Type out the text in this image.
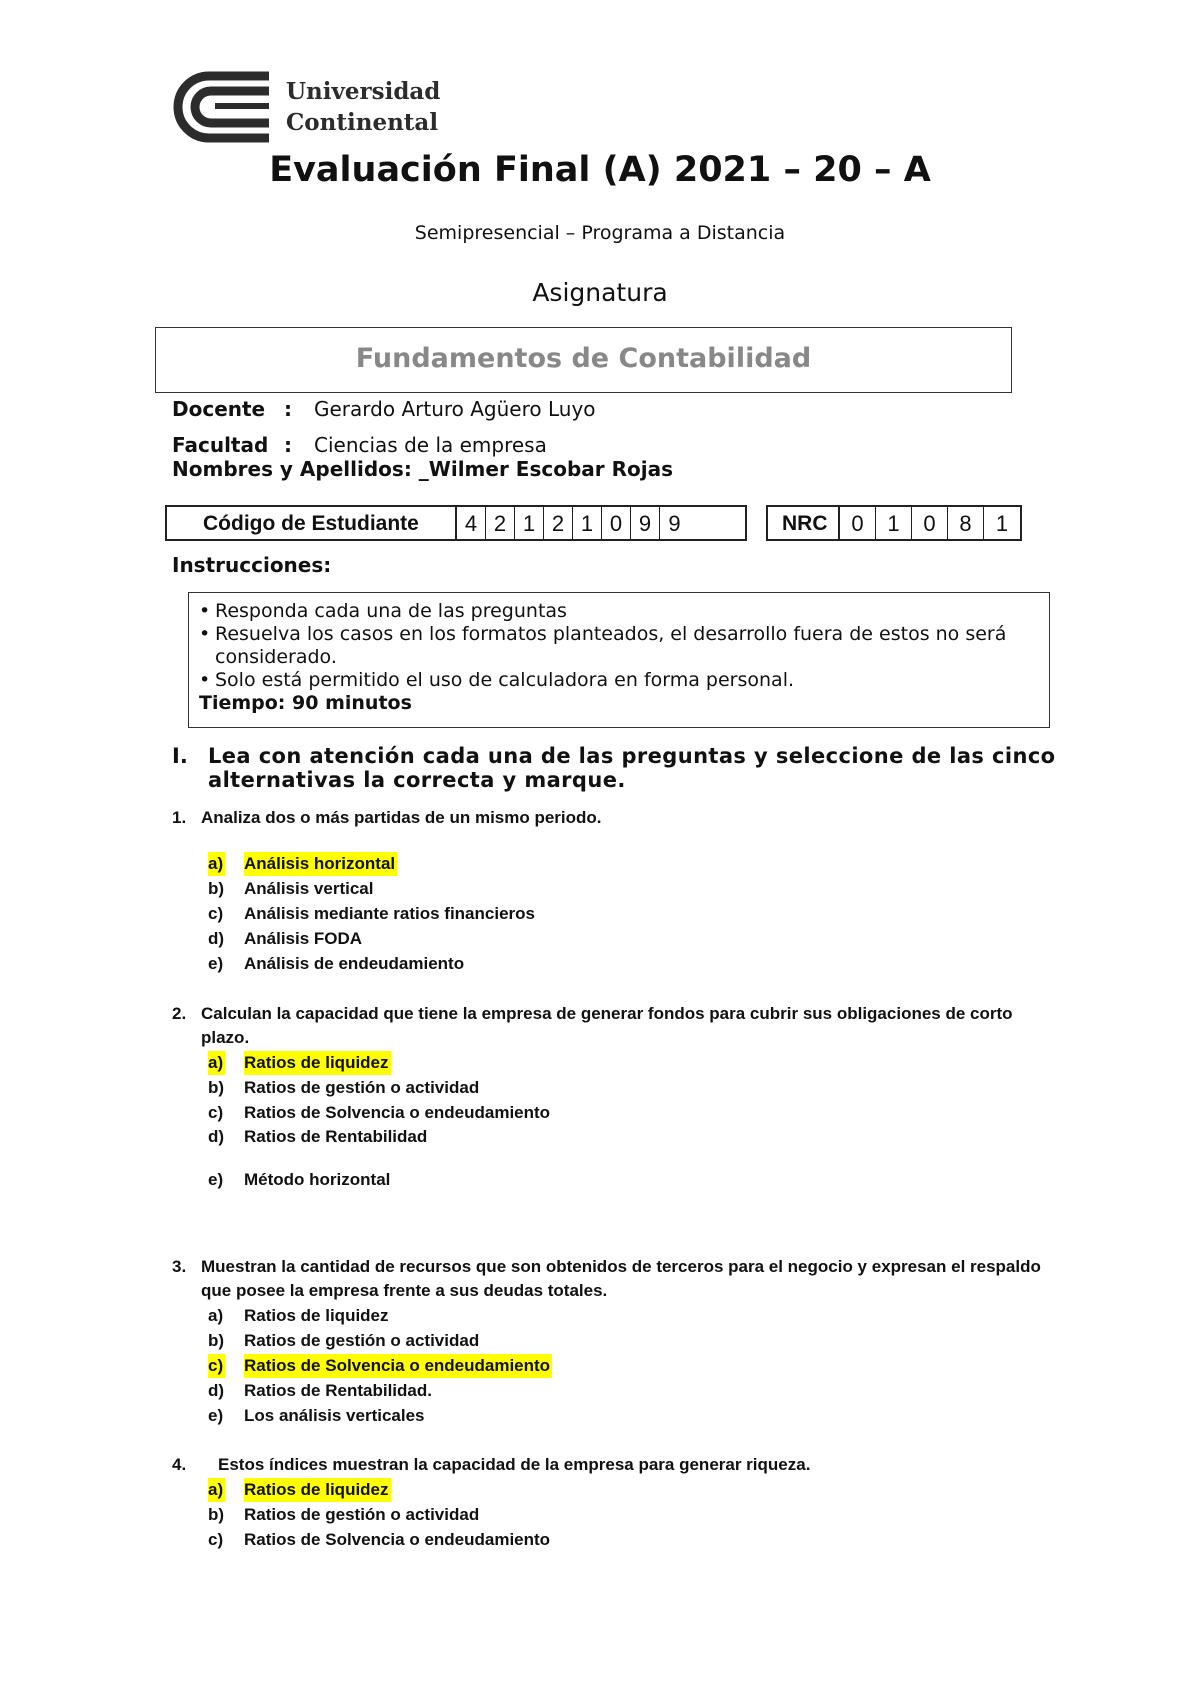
Universidad
Continental
Evaluación Final (A) 2021 – 20 – A
Semipresencial – Programa a Distancia
Asignatura
Fundamentos de Contabilidad
Docente : Gerardo Arturo Agüero Luyo
Facultad : Ciencias de la empresa
Nombres y Apellidos: _Wilmer Escobar Rojas
Código de Estudiante	4 2 1 2 1 0 9 9	NRC	0	1	0	8	1
Instrucciones:
• Responda cada una de las preguntas
• Resuelva los casos en los formatos planteados, el desarrollo fuera de estos no será considerado.
• Solo está permitido el uso de calculadora en forma personal.
Tiempo: 90 minutos
I. Lea con atención cada una de las preguntas y seleccione de las cinco alternativas la correcta y marque.
1. Analiza dos o más partidas de un mismo periodo.
a) Análisis horizontal
b) Análisis vertical
c) Análisis mediante ratios financieros
d) Análisis FODA
e) Análisis de endeudamiento
2. Calculan la capacidad que tiene la empresa de generar fondos para cubrir sus obligaciones de corto plazo.
a) Ratios de liquidez
b) Ratios de gestión o actividad
c) Ratios de Solvencia o endeudamiento
d) Ratios de Rentabilidad
e) Método horizontal
3. Muestran la cantidad de recursos que son obtenidos de terceros para el negocio y expresan el respaldo que posee la empresa frente a sus deudas totales.
a) Ratios de liquidez
b) Ratios de gestión o actividad
c) Ratios de Solvencia o endeudamiento
d) Ratios de Rentabilidad.
e) Los análisis verticales
4. Estos índices muestran la capacidad de la empresa para generar riqueza.
a) Ratios de liquidez
b) Ratios de gestión o actividad
c) Ratios de Solvencia o endeudamiento
